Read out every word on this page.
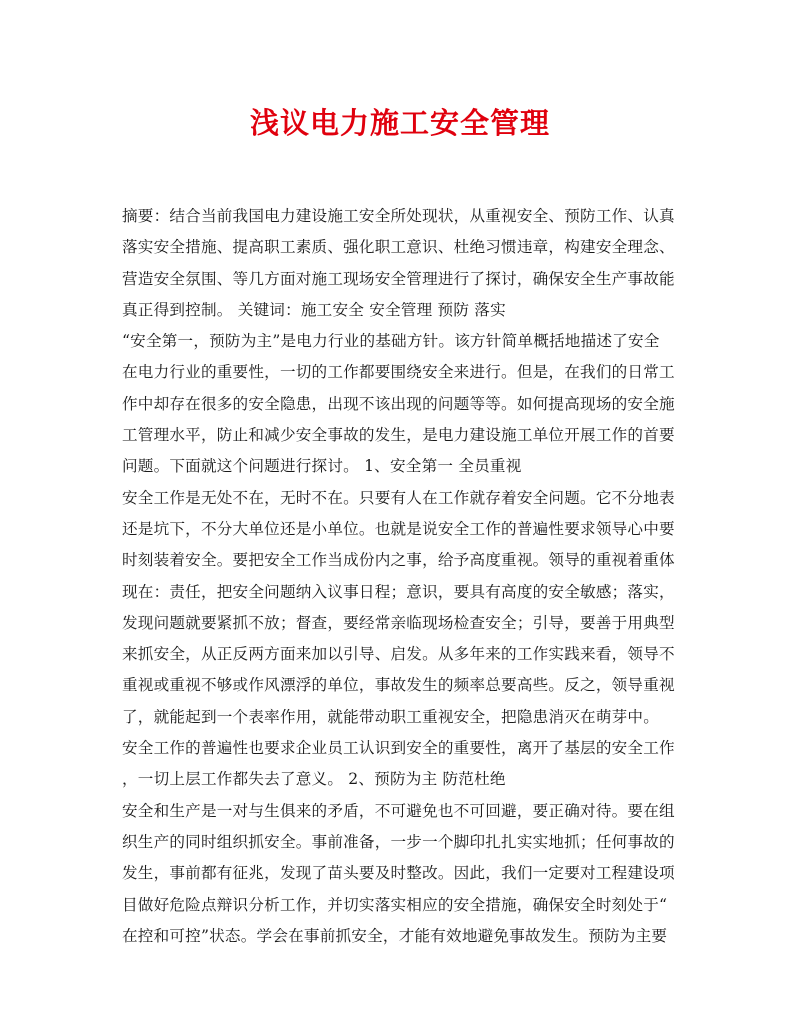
浅议电力施工安全管理
摘要：结合当前我国电力建设施工安全所处现状，从重视安全、预防工作、认真
落实安全措施、提高职工素质、强化职工意识、杜绝习惯违章，构建安全理念、
营造安全氛围、等几方面对施工现场安全管理进行了探讨，确保安全生产事故能
真正得到控制。 关键词：施工安全 安全管理 预防 落实
“安全第一，预防为主”是电力行业的基础方针。该方针简单概括地描述了安全
在电力行业的重要性，一切的工作都要围绕安全来进行。但是，在我们的日常工
作中却存在很多的安全隐患，出现不该出现的问题等等。如何提高现场的安全施
工管理水平，防止和减少安全事故的发生，是电力建设施工单位开展工作的首要
问题。下面就这个问题进行探讨。 1、安全第一 全员重视
安全工作是无处不在，无时不在。只要有人在工作就存着安全问题。它不分地表
还是坑下，不分大单位还是小单位。也就是说安全工作的普遍性要求领导心中要
时刻装着安全。要把安全工作当成份内之事，给予高度重视。领导的重视着重体
现在：责任，把安全问题纳入议事日程；意识，要具有高度的安全敏感；落实，
发现问题就要紧抓不放；督查，要经常亲临现场检查安全；引导，要善于用典型
来抓安全，从正反两方面来加以引导、启发。从多年来的工作实践来看，领导不
重视或重视不够或作风漂浮的单位，事故发生的频率总要高些。反之，领导重视
了，就能起到一个表率作用，就能带动职工重视安全，把隐患消灭在萌芽中。
安全工作的普遍性也要求企业员工认识到安全的重要性，离开了基层的安全工作
，一切上层工作都失去了意义。 2、预防为主 防范杜绝
安全和生产是一对与生俱来的矛盾，不可避免也不可回避，要正确对待。要在组
织生产的同时组织抓安全。事前准备，一步一个脚印扎扎实实地抓；任何事故的
发生，事前都有征兆，发现了苗头要及时整改。因此，我们一定要对工程建设项
目做好危险点辩识分析工作，并切实落实相应的安全措施，确保安全时刻处于“
在控和可控”状态。学会在事前抓安全，才能有效地避免事故发生。预防为主要
